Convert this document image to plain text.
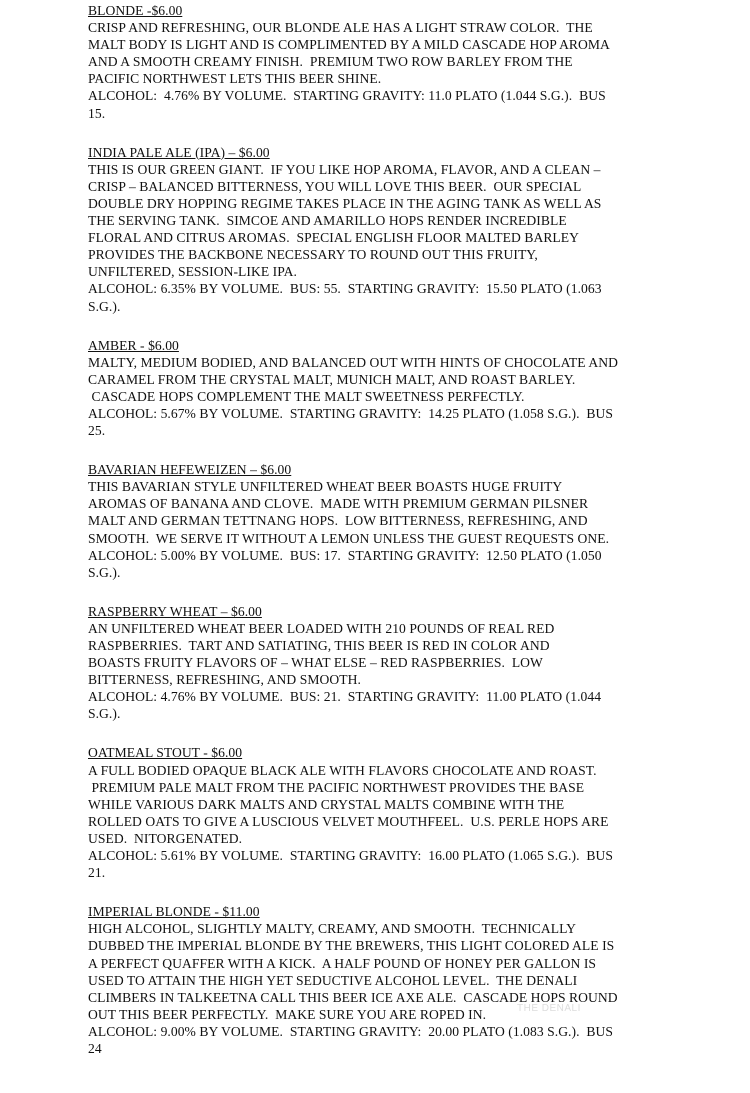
BLONDE -$6.00
CRISP AND REFRESHING, OUR BLONDE ALE HAS A LIGHT STRAW COLOR.  THE
MALT BODY IS LIGHT AND IS COMPLIMENTED BY A MILD CASCADE HOP AROMA
AND A SMOOTH CREAMY FINISH.  PREMIUM TWO ROW BARLEY FROM THE
PACIFIC NORTHWEST LETS THIS BEER SHINE.
ALCOHOL:  4.76% BY VOLUME.  STARTING GRAVITY: 11.0 PLATO (1.044 S.G.).  BUS
15.
INDIA PALE ALE (IPA) – $6.00
THIS IS OUR GREEN GIANT.  IF YOU LIKE HOP AROMA, FLAVOR, AND A CLEAN –
CRISP – BALANCED BITTERNESS, YOU WILL LOVE THIS BEER.  OUR SPECIAL
DOUBLE DRY HOPPING REGIME TAKES PLACE IN THE AGING TANK AS WELL AS
THE SERVING TANK.  SIMCOE AND AMARILLO HOPS RENDER INCREDIBLE
FLORAL AND CITRUS AROMAS.  SPECIAL ENGLISH FLOOR MALTED BARLEY
PROVIDES THE BACKBONE NECESSARY TO ROUND OUT THIS FRUITY,
UNFILTERED, SESSION-LIKE IPA.
ALCOHOL: 6.35% BY VOLUME.  BUS: 55.  STARTING GRAVITY:  15.50 PLATO (1.063
S.G.).
AMBER - $6.00
MALTY, MEDIUM BODIED, AND BALANCED OUT WITH HINTS OF CHOCOLATE AND
CARAMEL FROM THE CRYSTAL MALT, MUNICH MALT, AND ROAST BARLEY.
CASCADE HOPS COMPLEMENT THE MALT SWEETNESS PERFECTLY.
ALCOHOL: 5.67% BY VOLUME.  STARTING GRAVITY:  14.25 PLATO (1.058 S.G.).  BUS
25.
BAVARIAN HEFEWEIZEN – $6.00
THIS BAVARIAN STYLE UNFILTERED WHEAT BEER BOASTS HUGE FRUITY
AROMAS OF BANANA AND CLOVE.  MADE WITH PREMIUM GERMAN PILSNER
MALT AND GERMAN TETTNANG HOPS.  LOW BITTERNESS, REFRESHING, AND
SMOOTH.  WE SERVE IT WITHOUT A LEMON UNLESS THE GUEST REQUESTS ONE.
ALCOHOL: 5.00% BY VOLUME.  BUS: 17.  STARTING GRAVITY:  12.50 PLATO (1.050
S.G.).
RASPBERRY WHEAT – $6.00
AN UNFILTERED WHEAT BEER LOADED WITH 210 POUNDS OF REAL RED
RASPBERRIES.  TART AND SATIATING, THIS BEER IS RED IN COLOR AND
BOASTS FRUITY FLAVORS OF – WHAT ELSE – RED RASPBERRIES.  LOW
BITTERNESS, REFRESHING, AND SMOOTH.
ALCOHOL: 4.76% BY VOLUME.  BUS: 21.  STARTING GRAVITY:  11.00 PLATO (1.044
S.G.).
OATMEAL STOUT - $6.00
A FULL BODIED OPAQUE BLACK ALE WITH FLAVORS CHOCOLATE AND ROAST.
PREMIUM PALE MALT FROM THE PACIFIC NORTHWEST PROVIDES THE BASE
WHILE VARIOUS DARK MALTS AND CRYSTAL MALTS COMBINE WITH THE
ROLLED OATS TO GIVE A LUSCIOUS VELVET MOUTHFEEL.  U.S. PERLE HOPS ARE
USED.  NITORGENATED.
ALCOHOL: 5.61% BY VOLUME.  STARTING GRAVITY:  16.00 PLATO (1.065 S.G.).  BUS
21.
IMPERIAL BLONDE - $11.00
HIGH ALCOHOL, SLIGHTLY MALTY, CREAMY, AND SMOOTH.  TECHNICALLY
DUBBED THE IMPERIAL BLONDE BY THE BREWERS, THIS LIGHT COLORED ALE IS
A PERFECT QUAFFER WITH A KICK.  A HALF POUND OF HONEY PER GALLON IS
USED TO ATTAIN THE HIGH YET SEDUCTIVE ALCOHOL LEVEL.  THE DENALI
CLIMBERS IN TALKEETNA CALL THIS BEER ICE AXE ALE.  CASCADE HOPS ROUND
OUT THIS BEER PERFECTLY.  MAKE SURE YOU ARE ROPED IN.
ALCOHOL: 9.00% BY VOLUME.  STARTING GRAVITY:  20.00 PLATO (1.083 S.G.).  BUS
24
THE DENALI
